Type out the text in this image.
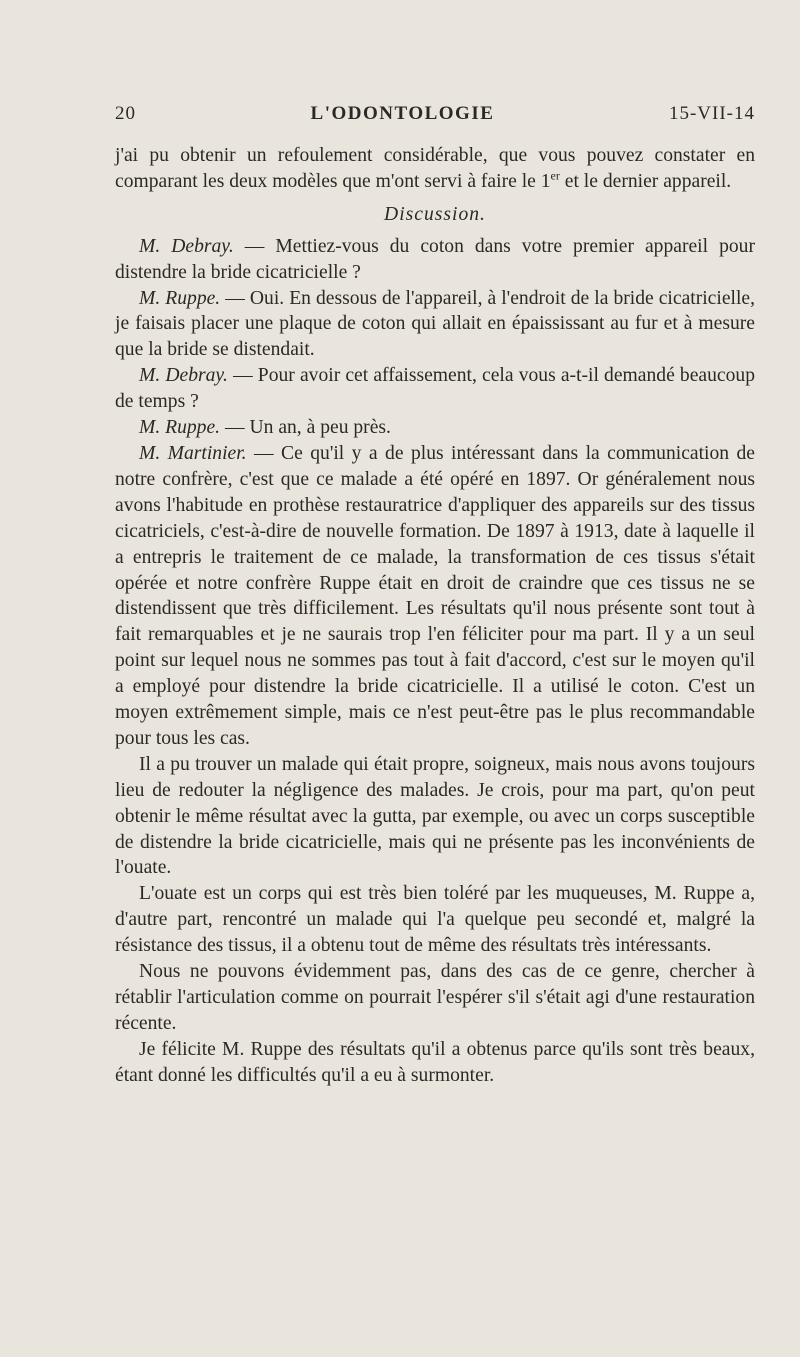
20	L'ODONTOLOGIE	15-VII-14

j'ai pu obtenir un refoulement considérable, que vous pouvez constater en comparant les deux modèles que m'ont servi à faire le 1er et le dernier appareil.

Discussion.

M. Debray. — Mettiez-vous du coton dans votre premier appareil pour distendre la bride cicatricielle ?

M. Ruppe. — Oui. En dessous de l'appareil, à l'endroit de la bride cicatricielle, je faisais placer une plaque de coton qui allait en épaississant au fur et à mesure que la bride se distendait.

M. Debray. — Pour avoir cet affaissement, cela vous a-t-il demandé beaucoup de temps ?

M. Ruppe. — Un an, à peu près.

M. Martinier. — Ce qu'il y a de plus intéressant dans la communication de notre confrère, c'est que ce malade a été opéré en 1897. Or généralement nous avons l'habitude en prothèse restauratrice d'appliquer des appareils sur des tissus cicatriciels, c'est-à-dire de nouvelle formation. De 1897 à 1913, date à laquelle il a entrepris le traitement de ce malade, la transformation de ces tissus s'était opérée et notre confrère Ruppe était en droit de craindre que ces tissus ne se distendissent que très difficilement. Les résultats qu'il nous présente sont tout à fait remarquables et je ne saurais trop l'en féliciter pour ma part. Il y a un seul point sur lequel nous ne sommes pas tout à fait d'accord, c'est sur le moyen qu'il a employé pour distendre la bride cicatricielle. Il a utilisé le coton. C'est un moyen extrêmement simple, mais ce n'est peut-être pas le plus recommandable pour tous les cas.

Il a pu trouver un malade qui était propre, soigneux, mais nous avons toujours lieu de redouter la négligence des malades. Je crois, pour ma part, qu'on peut obtenir le même résultat avec la gutta, par exemple, ou avec un corps susceptible de distendre la bride cicatricielle, mais qui ne présente pas les inconvénients de l'ouate.

L'ouate est un corps qui est très bien toléré par les muqueuses, M. Ruppe a, d'autre part, rencontré un malade qui l'a quelque peu secondé et, malgré la résistance des tissus, il a obtenu tout de même des résultats très intéressants.

Nous ne pouvons évidemment pas, dans des cas de ce genre, chercher à rétablir l'articulation comme on pourrait l'espérer s'il s'était agi d'une restauration récente.

Je félicite M. Ruppe des résultats qu'il a obtenus parce qu'ils sont très beaux, étant donné les difficultés qu'il a eu à surmonter.
